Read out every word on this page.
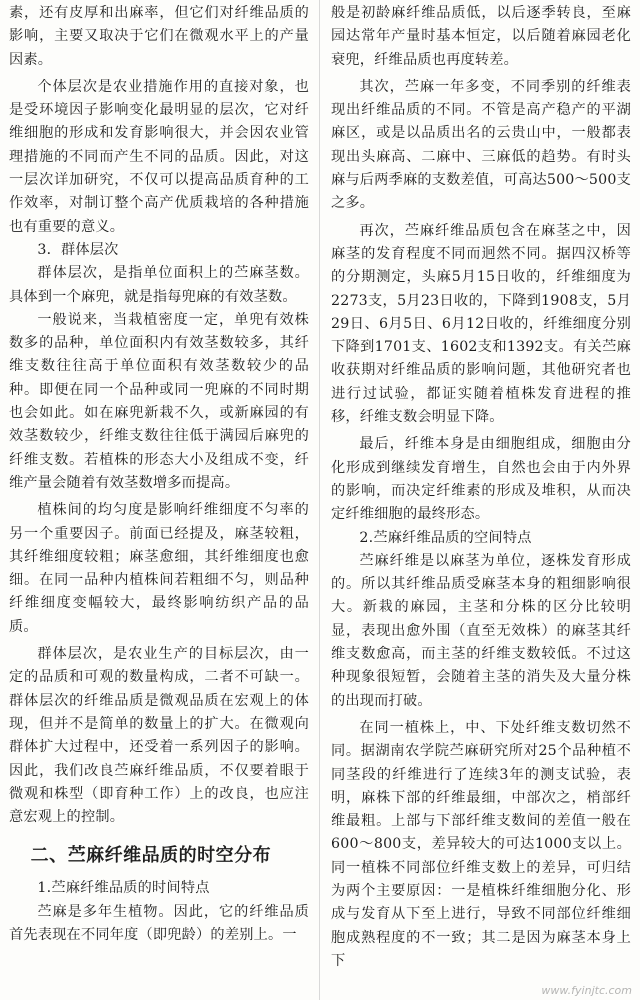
素，还有皮厚和出麻率，但它们对纤维品质的影响，主要又取决于它们在微观水平上的产量因素。

个体层次是农业措施作用的直接对象，也是受环境因子影响变化最明显的层次，它对纤维细胞的形成和发育影响很大，并会因农业管理措施的不同而产生不同的品质。因此，对这一层次详加研究，不仅可以提高品质育种的工作效率，对制订整个高产优质栽培的各种措施也有重要的意义。

3．群体层次

群体层次，是指单位面积上的苎麻茎数。具体到一个麻兜，就是指每兜麻的有效茎数。

一般说来，当栽植密度一定，单兜有效株数多的品种，单位面积内有效茎数较多，其纤维支数往往高于单位面积有效茎数较少的品种。即便在同一个品种或同一兜麻的不同时期也会如此。如在麻兜新栽不久，或新麻园的有效茎数较少，纤维支数往往低于满园后麻兜的纤维支数。若植株的形态大小及组成不变，纤维产量会随着有效茎数增多而提高。

植株间的均匀度是影响纤维细度不匀率的另一个重要因子。前面已经提及，麻茎较粗，其纤维细度较粗；麻茎愈细，其纤维细度也愈细。在同一品种内植株间若粗细不匀，则品种纤维细度变幅较大，最终影响纺织产品的品质。

群体层次，是农业生产的目标层次，由一定的品质和可观的数量构成，二者不可缺一。群体层次的纤维品质是微观品质在宏观上的体现，但并不是简单的数量上的扩大。在微观向群体扩大过程中，还受着一系列因子的影响。因此，我们改良苎麻纤维品质，不仅要着眼于微观和株型（即育种工作）上的改良，也应注意宏观上的控制。

二、苎麻纤维品质的时空分布
1.苎麻纤维品质的时间特点

苎麻是多年生植物。因此，它的纤维品质首先表现在不同年度（即兜龄）的差别上。一

般是初龄麻纤维品质低，以后逐季转良，至麻园达常年产量时基本恒定，以后随着麻园老化衰兜，纤维品质也再度转差。

其次，苎麻一年多变，不同季别的纤维表现出纤维品质的不同。不管是高产稳产的平湖麻区，或是以品质出名的云贵山中，一般都表现出头麻高、二麻中、三麻低的趋势。有时头麻与后两季麻的支数差值，可高达500～500支之多。

再次，苎麻纤维品质包含在麻茎之中，因麻茎的发育程度不同而迥然不同。据四汉桥等的分期测定，头麻5月15日收的，纤维细度为2273支，5月23日收的，下降到1908支，5月29日、6月5日、6月12日收的，纤维细度分别下降到1701支、1602支和1392支。有关苎麻收获期对纤维品质的影响问题，其他研究者也进行过试验，都证实随着植株发育进程的推移，纤维支数会明显下降。

最后，纤维本身是由细胞组成，细胞由分化形成到继续发育增生，自然也会由于内外界的影响，而决定纤维素的形成及堆积，从而决定纤维细胞的最终形态。

2.苎麻纤维品质的空间特点

苎麻纤维是以麻茎为单位，逐株发育形成的。所以其纤维品质受麻茎本身的粗细影响很大。新栽的麻园，主茎和分株的区分比较明显，表现出愈外围（直至无效株）的麻茎其纤维支数愈高，而主茎的纤维支数较低。不过这种现象很短暂，会随着主茎的消失及大量分株的出现而打破。

在同一植株上，中、下处纤维支数切然不同。据湖南农学院苎麻研究所对25个品种植不同茎段的纤维进行了连续3年的测支试验，表明，麻株下部的纤维最细，中部次之，梢部纤维最粗。上部与下部纤维支数间的差值一般在600～800支，差异较大的可达1000支以上。同一植株不同部位纤维支数上的差异，可归结为两个主要原因：一是植株纤维细胞分化、形成与发育从下至上进行，导致不同部位纤维细胞成熟程度的不一致；其二是因为麻茎本身上下

www.fyinjtc.com
